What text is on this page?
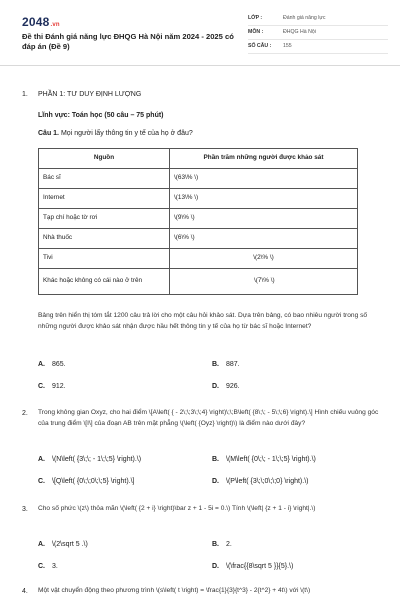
2048.vn
Đề thi Đánh giá năng lực ĐHQG Hà Nội năm 2024 - 2025 có đáp án (Đề 9)
LỚP :	Đánh giá năng lực
MÔN :	ĐHQG Hà Nội
SỐ CÂU :	155
1.	PHẦN 1: TƯ DUY ĐỊNH LƯỢNG
Lĩnh vực: Toán học (50 câu – 75 phút)
Câu 1. Mọi người lấy thông tin y tế của họ ở đâu?
Nguồn	Phần trăm những người được khảo sát
Bác sĩ	\(63\% \)
Internet	\(13\% \)
Tạp chí hoặc tờ rơi	\(9\% \)
Nhà thuốc	\(6\% \)
Tivi	\(2\% \)
Khác hoặc không có cái nào ở trên	\(7\% \)
Bảng trên hiển thị tóm tắt 1200 câu trả lời cho một câu hỏi khảo sát. Dựa trên bảng, có bao nhiêu người trong số những người được khảo sát nhận được hầu hết thông tin y tế của họ từ bác sĩ hoặc Internet?
A. 865.	B. 887.
C. 912.	D. 926.
2. Trong không gian Oxyz, cho hai điểm \[A\left( { - 2\;\;3\;\;4} \right)\;\;B\left( {8\;\; - 5\;\;6} \right).\] Hình chiếu vuông góc của trung điểm \[I\] của đoạn AB trên mặt phẳng \(\left( {Oyz} \right)\) là điểm nào dưới đây?
A. \(N\left( {3\;\; - 1\;\;5} \right).\)	B. \(M\left( {0\;\; - 1\;\;5} \right).\)
C. \[Q\left( {0\;\;0\;\;5} \right).\]	D. \(P\left( {3\;\;0\;\;0} \right).\)
3. Cho số phức \(z\) thỏa mãn \(\left( {2 + i} \right)\bar z + 1 - 5i = 0.\) Tính \(\left| {z + 1 - i} \right|.\)
A. \(2\sqrt 5 .\)	B. 2.
C. 3.	D. \(\frac{{8\sqrt 5 }}{5}.\)
4. Một vật chuyển động theo phương trình \(s\left( t \right) = \frac{1}{3}{t^3} - 2{t^2} + 4t\) với \(t\)
